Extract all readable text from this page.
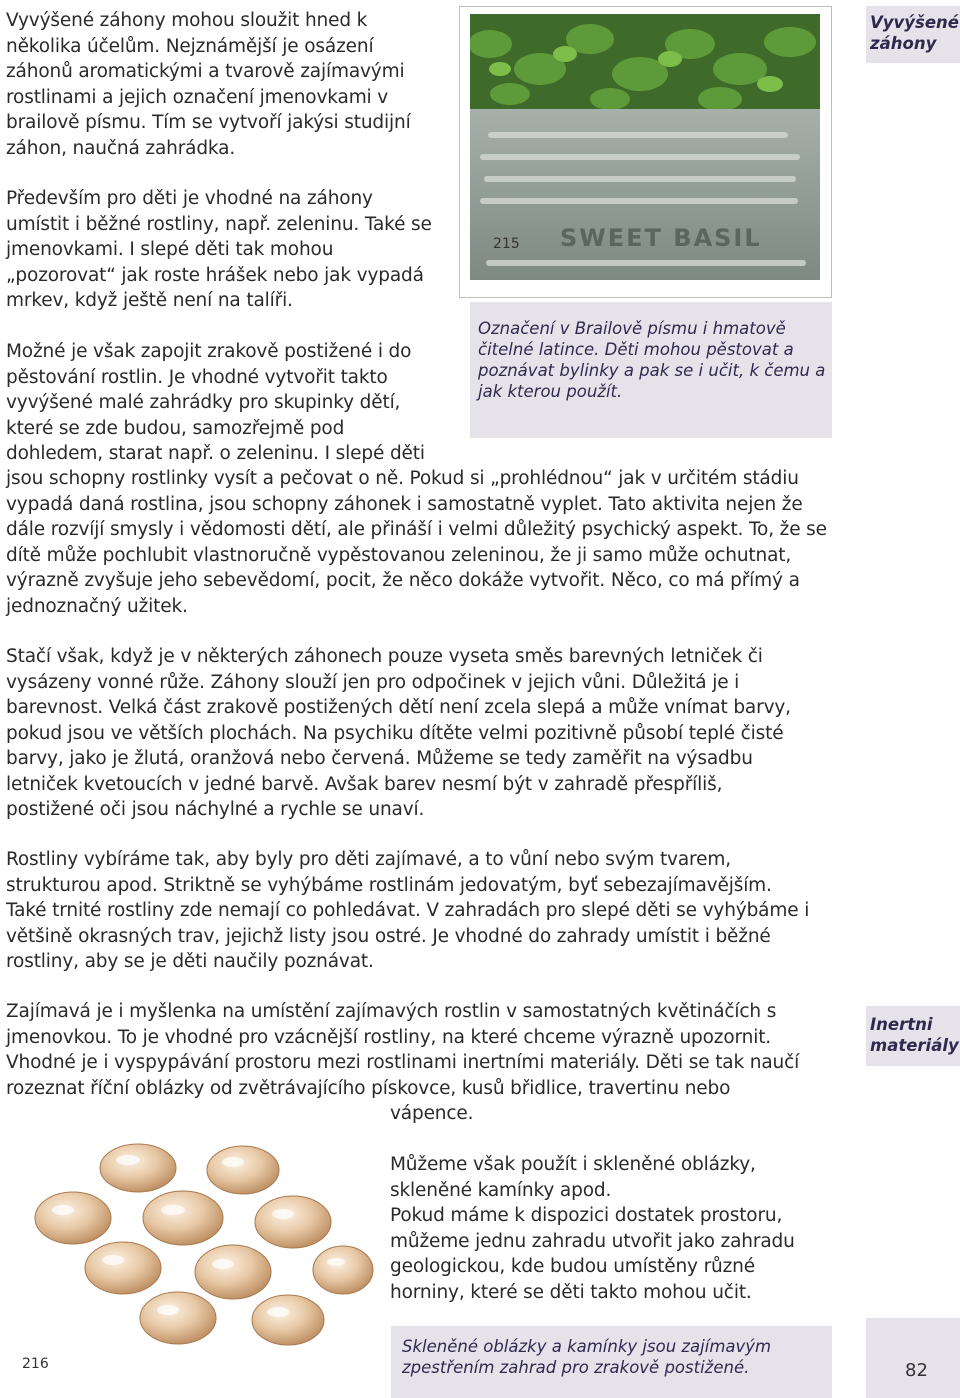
Vyvýšené záhony
Inertni materiály
SWEET BASIL
215
Označení v Brailově písmu i hmatově
čitelné latince. Děti mohou pěstovat a
poznávat bylinky a pak se i učit, k čemu a
jak kterou použít.
Vyvýšené záhony mohou sloužit hned k
několika účelům. Nejznámější je osázení
záhonů aromatickými a tvarově zajímavými
rostlinami a jejich označení jmenovkami v
brailově písmu. Tím se vytvoří jakýsi studijní
záhon, naučná zahrádka.
Především pro děti je vhodné na záhony
umístit i běžné rostliny, např. zeleninu. Také se
jmenovkami. I slepé děti tak mohou
„pozorovat“ jak roste hrášek nebo jak vypadá
mrkev, když ještě není na talíři.
Možné je však zapojit zrakově postižené i do
pěstování rostlin. Je vhodné vytvořit takto
vyvýšené malé zahrádky pro skupinky dětí,
které se zde budou, samozřejmě pod
dohledem, starat např. o zeleninu. I slepé děti
jsou schopny rostlinky vysít a pečovat o ně. Pokud si „prohlédnou“ jak v určitém stádiu
vypadá daná rostlina, jsou schopny záhonek i samostatně vyplet. Tato aktivita nejen že
dále rozvíjí smysly i vědomosti dětí, ale přináší i velmi důležitý psychický aspekt. To, že se
dítě může pochlubit vlastnoručně vypěstovanou zeleninou, že ji samo může ochutnat,
výrazně zvyšuje jeho sebevědomí, pocit, že něco dokáže vytvořit. Něco, co má přímý a
jednoznačný užitek.
Stačí však, když je v některých záhonech pouze vyseta směs barevných letniček či
vysázeny vonné růže. Záhony slouží jen pro odpočinek v jejich vůni. Důležitá je i
barevnost. Velká část zrakově postižených dětí není zcela slepá a může vnímat barvy,
pokud jsou ve větších plochách. Na psychiku dítěte velmi pozitivně působí teplé čisté
barvy, jako je žlutá, oranžová nebo červená. Můžeme se tedy zaměřit na výsadbu
letniček kvetoucích v jedné barvě. Avšak barev nesmí být v zahradě přespříliš,
postižené oči jsou náchylné a rychle se unaví.
Rostliny vybíráme tak, aby byly pro děti zajímavé, a to vůní nebo svým tvarem,
strukturou apod. Striktně se vyhýbáme rostlinám jedovatým, byť sebezajímavějším.
Také trnité rostliny zde nemají co pohledávat. V zahradách pro slepé děti se vyhýbáme i
většině okrasných trav, jejichž listy jsou ostré. Je vhodné do zahrady umístit i běžné
rostliny, aby se je děti naučily poznávat.
Zajímavá je i myšlenka na umístění zajímavých rostlin v samostatných květináčích s
jmenovkou. To je vhodné pro vzácnější rostliny, na které chceme výrazně upozornit.
Vhodné je i vyspypávání prostoru mezi rostlinami inertními materiály. Děti se tak naučí
rozeznat říční oblázky od zvětrávajícího pískovce, kusů břidlice, travertinu nebo
vápence.
Můžeme však použít i skleněné oblázky,
skleněné kamínky apod.
Pokud máme k dispozici dostatek prostoru,
můžeme jednu zahradu utvořit jako zahradu
geologickou, kde budou umístěny různé
horniny, které se děti takto mohou učit.
216
Skleněné oblázky a kamínky jsou zajímavým
zpestřením zahrad pro zrakově postižené.	82
